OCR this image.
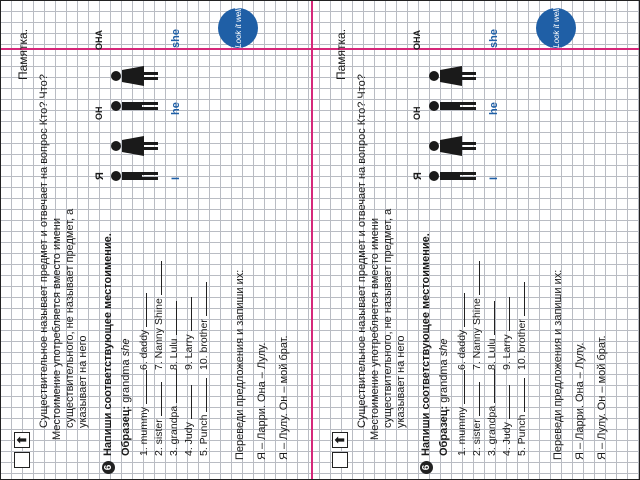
⬆
Памятка.
Существительное называет предмет и отвечает на вопрос Кто? Что? Местоимение употребляется вместо имени существительного, не называет предмет, а указывает на него
6
Напиши соответствующее местоимение. Образец: grandma she
1. mummy 2. sister 3. grandpa 4. Judy 5. Punch
6. daddy 7. Nanny Shine 8. Lulu 9. Larry 10. brother Переведи предложения и запиши их: Я – Ларри. Она – Лулу. Я – Лулу. Он – мой брат.
I
Я
he
ОН
she
ОНА	Look it well
⬆
Памятка.
Существительное называет предмет и отвечает на вопрос Кто? Что? Местоимение употребляется вместо имени существительного, не называет предмет, а указывает на него
6
Напиши соответствующее местоимение. Образец: grandma she
1. mummy 2. sister 3. grandpa 4. Judy 5. Punch
6. daddy 7. Nanny Shine 8. Lulu 9. Larry 10. brother Переведи предложения и запиши их: Я – Ларри. Она – Лулу. Я – Лулу. Он – мой брат.
I
Я
he
ОН
she
ОНА	Look it well
